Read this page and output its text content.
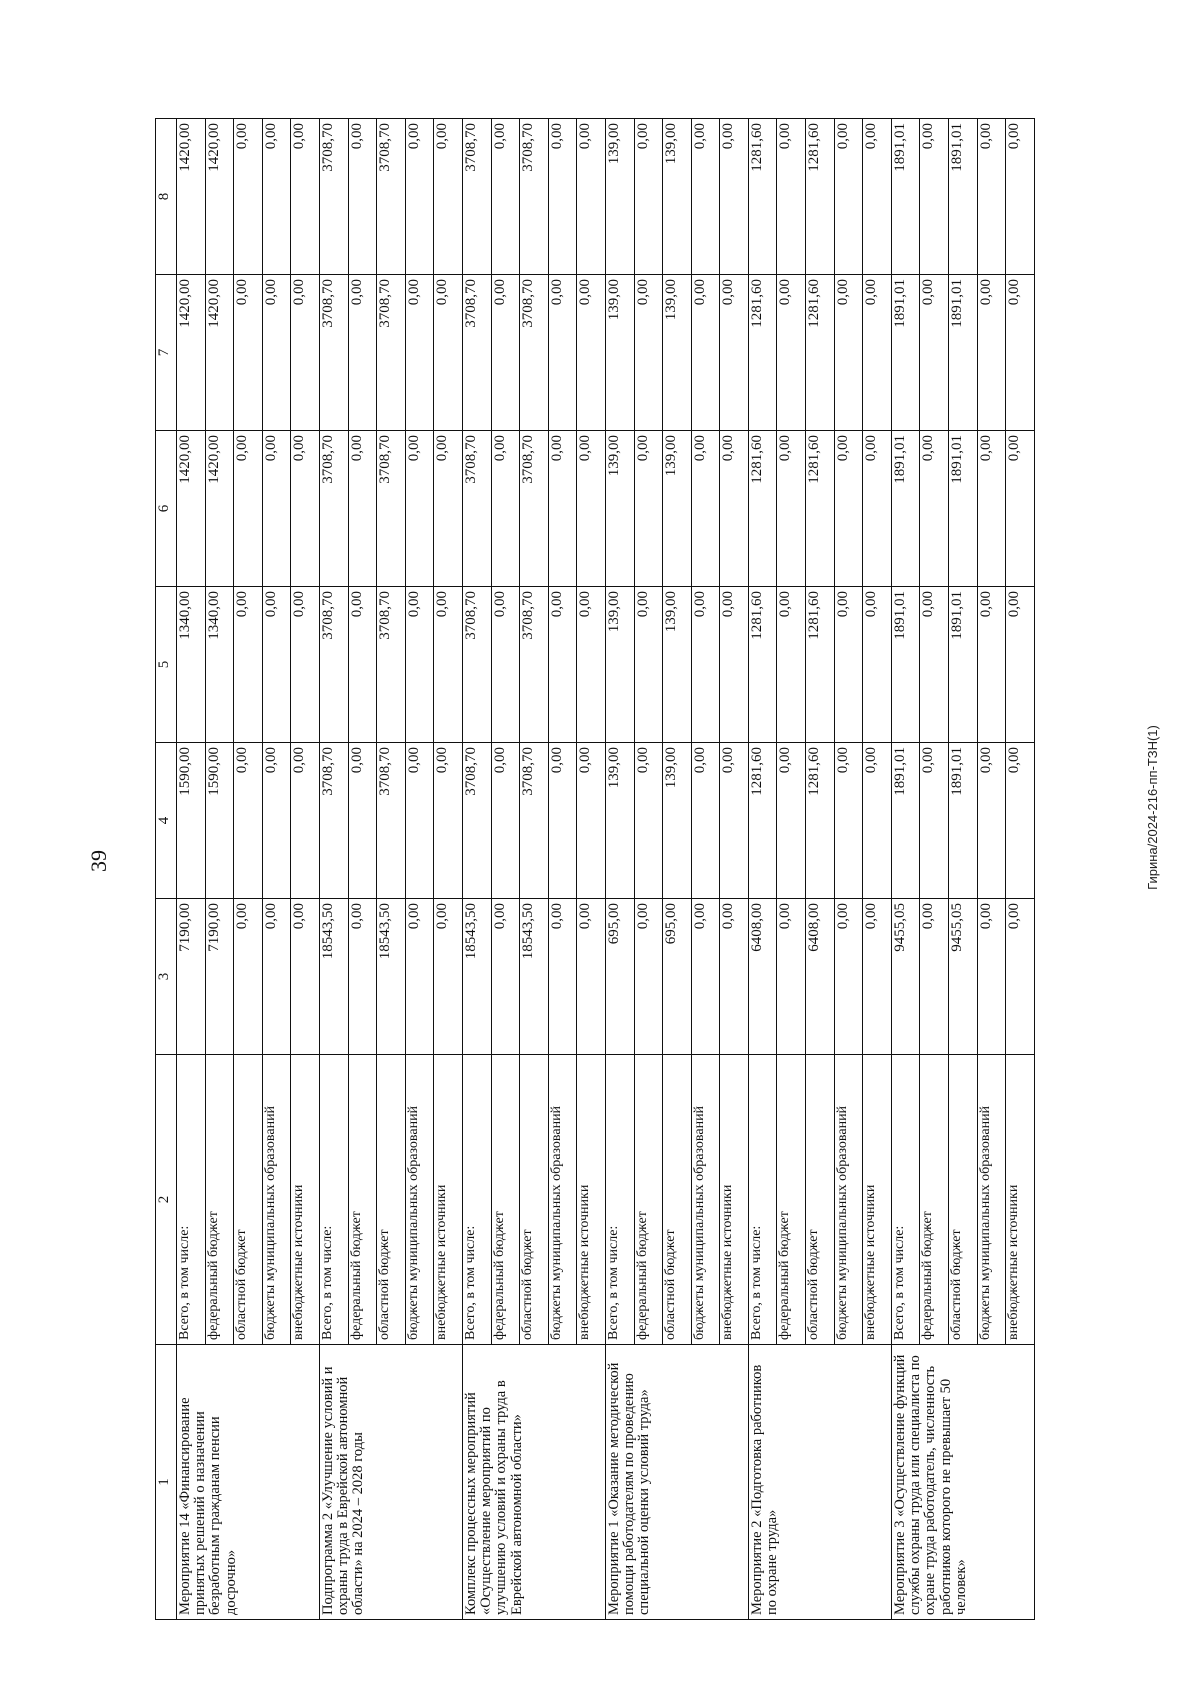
39	Гирина/2024-216-пп-ТЗН(1)
1	2	3	4	5	6	7	8
Мероприятие 14 «Финансирование принятых решений о назначении безработным гражданам пенсии досрочно»	Всего, в том числе:	7190,00	1590,00	1340,00	1420,00	1420,00	1420,00
	федеральный бюджет	7190,00	1590,00	1340,00	1420,00	1420,00	1420,00
	областной бюджет	0,00	0,00	0,00	0,00	0,00	0,00
	бюджеты муниципальных образований	0,00	0,00	0,00	0,00	0,00	0,00
	внебюджетные источники	0,00	0,00	0,00	0,00	0,00	0,00
Подпрограмма 2 «Улучшение условий и охраны труда в Еврейской автономной области» на 2024 – 2028 годы	Всего, в том числе:	18543,50	3708,70	3708,70	3708,70	3708,70	3708,70
	федеральный бюджет	0,00	0,00	0,00	0,00	0,00	0,00
	областной бюджет	18543,50	3708,70	3708,70	3708,70	3708,70	3708,70
	бюджеты муниципальных образований	0,00	0,00	0,00	0,00	0,00	0,00
	внебюджетные источники	0,00	0,00	0,00	0,00	0,00	0,00
Комплекс процессных мероприятий «Осуществление мероприятий по улучшению условий и охраны труда в Еврейской автономной области»	Всего, в том числе:	18543,50	3708,70	3708,70	3708,70	3708,70	3708,70
	федеральный бюджет	0,00	0,00	0,00	0,00	0,00	0,00
	областной бюджет	18543,50	3708,70	3708,70	3708,70	3708,70	3708,70
	бюджеты муниципальных образований	0,00	0,00	0,00	0,00	0,00	0,00
	внебюджетные источники	0,00	0,00	0,00	0,00	0,00	0,00
Мероприятие 1 «Оказание методической помощи работодателям по проведению специальной оценки условий труда»	Всего, в том числе:	695,00	139,00	139,00	139,00	139,00	139,00
	федеральный бюджет	0,00	0,00	0,00	0,00	0,00	0,00
	областной бюджет	695,00	139,00	139,00	139,00	139,00	139,00
	бюджеты муниципальных образований	0,00	0,00	0,00	0,00	0,00	0,00
	внебюджетные источники	0,00	0,00	0,00	0,00	0,00	0,00
Мероприятие 2 «Подготовка работников по охране труда»	Всего, в том числе:	6408,00	1281,60	1281,60	1281,60	1281,60	1281,60
	федеральный бюджет	0,00	0,00	0,00	0,00	0,00	0,00
	областной бюджет	6408,00	1281,60	1281,60	1281,60	1281,60	1281,60
	бюджеты муниципальных образований	0,00	0,00	0,00	0,00	0,00	0,00
	внебюджетные источники	0,00	0,00	0,00	0,00	0,00	0,00
Мероприятие 3 «Осуществление функций службы охраны труда или специалиста по охране труда работодатель, численность работников которого не превышает 50 человек»	Всего, в том числе:	9455,05	1891,01	1891,01	1891,01	1891,01	1891,01
	федеральный бюджет	0,00	0,00	0,00	0,00	0,00	0,00
	областной бюджет	9455,05	1891,01	1891,01	1891,01	1891,01	1891,01
	бюджеты муниципальных образований	0,00	0,00	0,00	0,00	0,00	0,00
	внебюджетные источники	0,00	0,00	0,00	0,00	0,00	0,00
